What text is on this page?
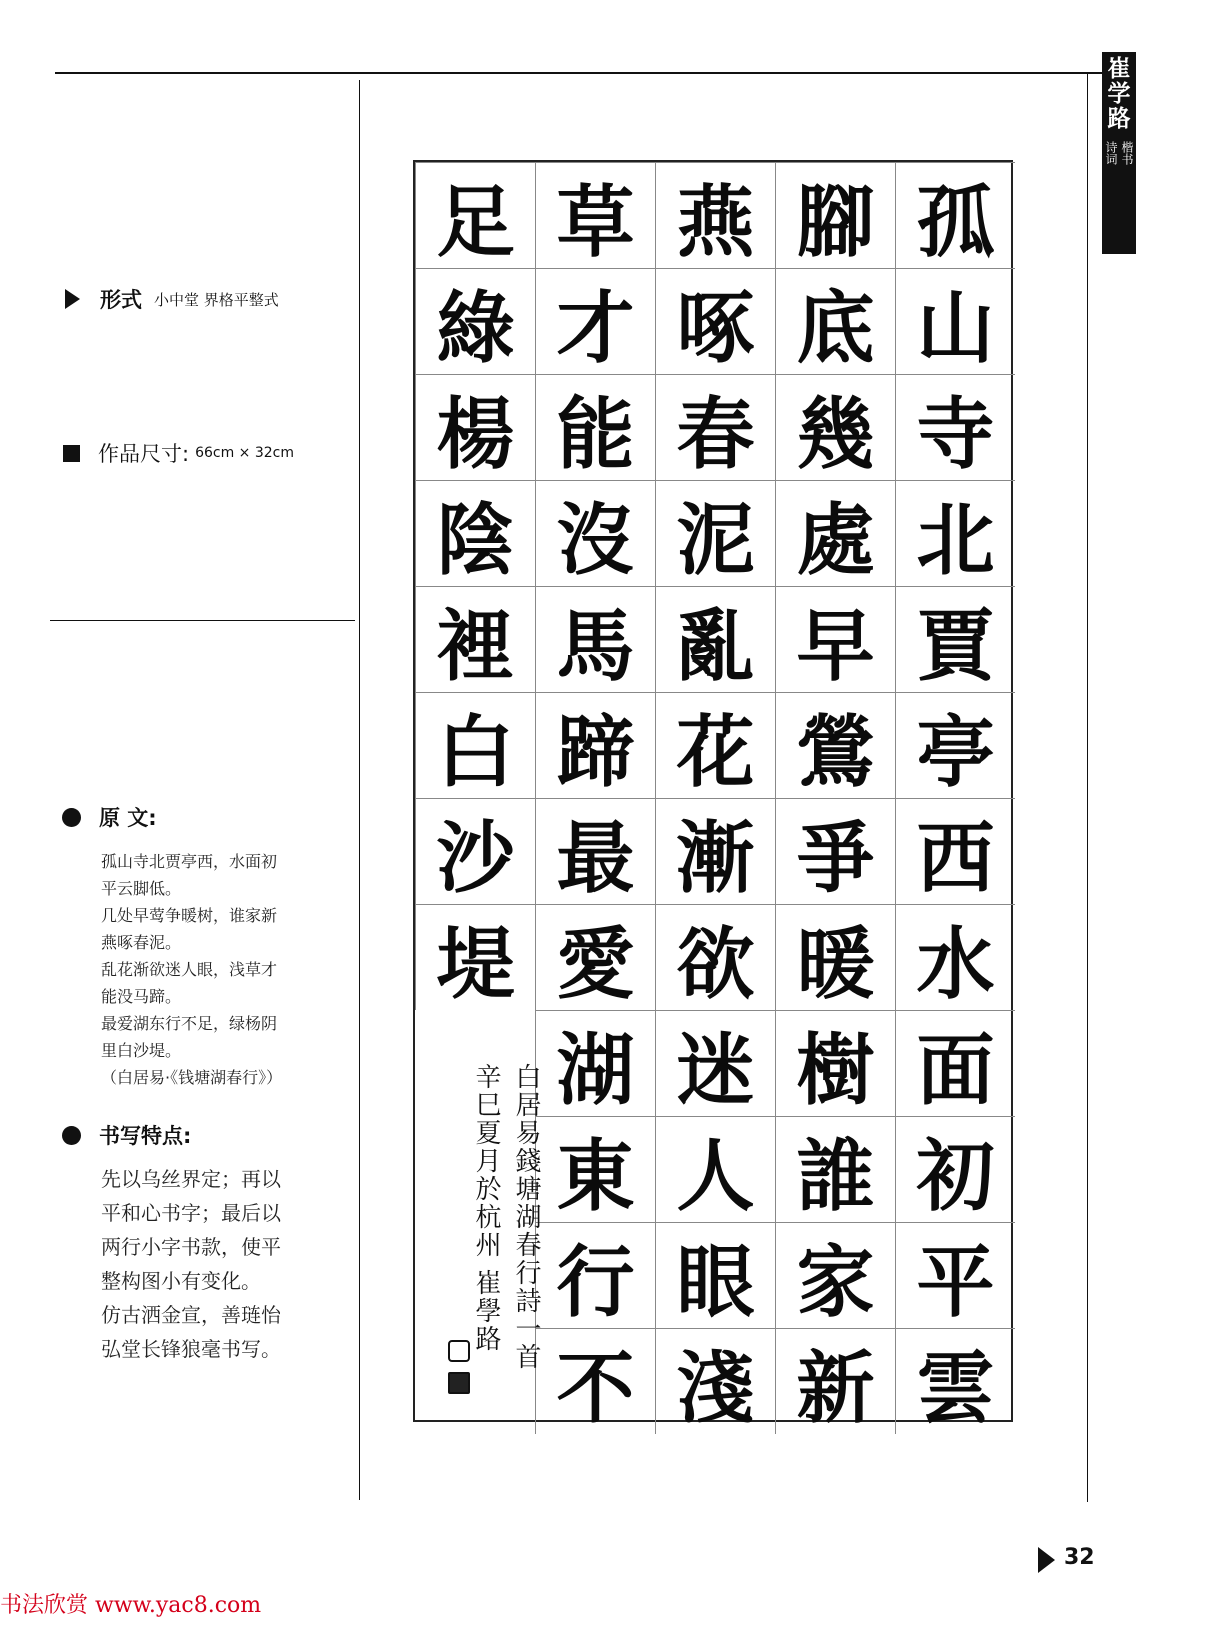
崔学路
楷书
诗词
形式 小中堂 界格平整式
作品尺寸: 66cm × 32cm
原 文:

孤山寺北贾亭西，水面初

平云脚低。

几处早莺争暖树，谁家新

燕啄春泥。

乱花渐欲迷人眼，浅草才

能没马蹄。

最爱湖东行不足，绿杨阴

里白沙堤。

（白居易·《钱塘湖春行》）

书写特点:

先以乌丝界定；再以

平和心书字；最后以

两行小字书款，使平

整构图小有变化。

仿古洒金宣，善琏怡

弘堂长锋狼毫书写。

孤
山
寺
北
賈
亭
西
水
面
初
平
雲
腳
底
幾
處
早
鶯
爭
暖
樹
誰
家
新
燕
啄
春
泥
亂
花
漸
欲
迷
人
眼
淺
草
才
能
沒
馬
蹄
最
愛
湖
東
行
不
足
綠
楊
陰
裡
白
沙
堤
白居易錢塘湖春行詩一首
辛巳夏月於杭州 崔學路
32
书法欣赏 www.yac8.com
